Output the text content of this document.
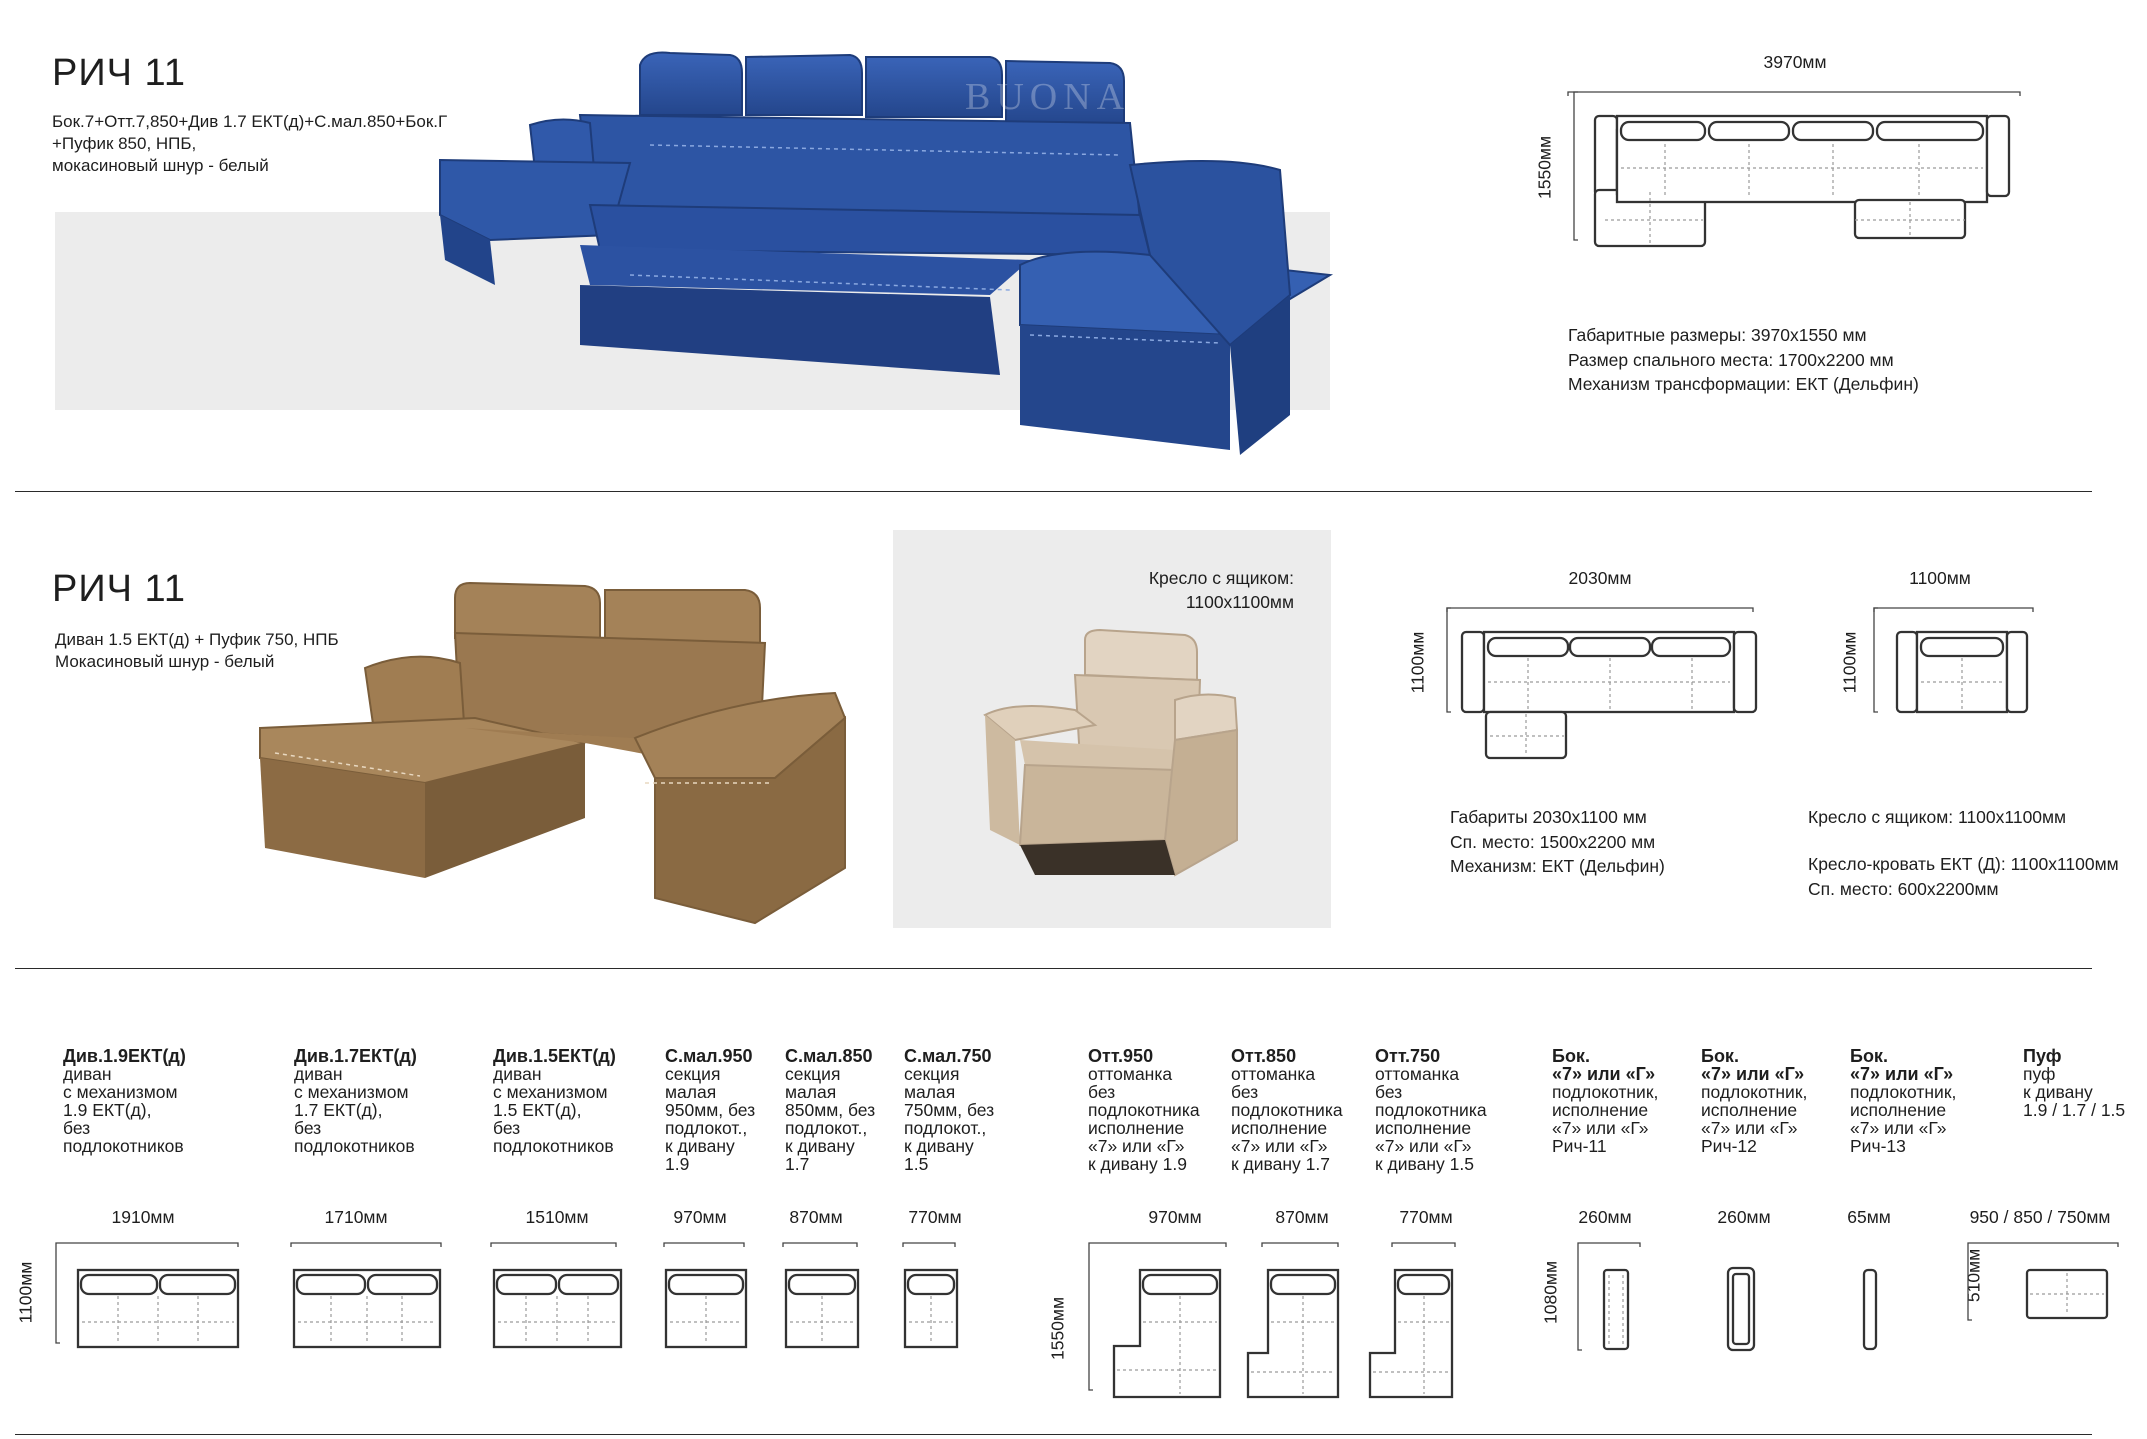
РИЧ 11
Бок.7+Отт.7,850+Див 1.7 ЕКТ(д)+С.мал.850+Бок.Г
+Пуфик 850, НПБ,
мокасиновый шнур - белый
BUONA
3970мм
1550мм
Габаритные размеры: 3970x1550 мм
Размер спального места: 1700x2200 мм
Механизм трансформации: ЕКТ (Дельфин)
РИЧ 11
Диван 1.5 ЕКТ(д) + Пуфик 750, НПБ
Мокасиновый шнур - белый
Кресло с ящиком:
1100x1100мм
2030мм
1100мм
1100мм
1100мм
Габариты 2030x1100 мм
Сп. место: 1500x2200 мм
Механизм: ЕКТ (Дельфин)
Кресло с ящиком: 1100x1100мм
Кресло-кровать ЕКТ (Д): 1100x1100мм
Сп. место: 600x2200мм
Див.1.9ЕКТ(д)
диван
с механизмом
1.9 ЕКТ(д),
без
подлокотников
Див.1.7ЕКТ(д)
диван
с механизмом
1.7 ЕКТ(д),
без
подлокотников
Див.1.5ЕКТ(д)
диван
с механизмом
1.5 ЕКТ(д),
без
подлокотников
С.мал.950
секция
малая
950мм, без
подлокот.,
к дивану
1.9
С.мал.850
секция
малая
850мм, без
подлокот.,
к дивану
1.7
С.мал.750
секция
малая
750мм, без
подлокот.,
к дивану
1.5
Отт.950
оттоманка
без
подлокотника
исполнение
«7» или «Г»
к дивану 1.9
Отт.850
оттоманка
без
подлокотника
исполнение
«7» или «Г»
к дивану 1.7
Отт.750
оттоманка
без
подлокотника
исполнение
«7» или «Г»
к дивану 1.5
Бок.
«7» или «Г»
подлокотник,
исполнение
«7» или «Г»
Рич-11
Бок.
«7» или «Г»
подлокотник,
исполнение
«7» или «Г»
Рич-12
Бок.
«7» или «Г»
подлокотник,
исполнение
«7» или «Г»
Рич-13
Пуф
пуф
к дивану
1.9 / 1.7 / 1.5
1910мм	1710мм	1510мм	970мм	870мм	770мм	970мм	870мм	770мм	260мм	260мм	65мм	950 / 850 / 750мм
1100мм
1550мм
1080мм	510мм
